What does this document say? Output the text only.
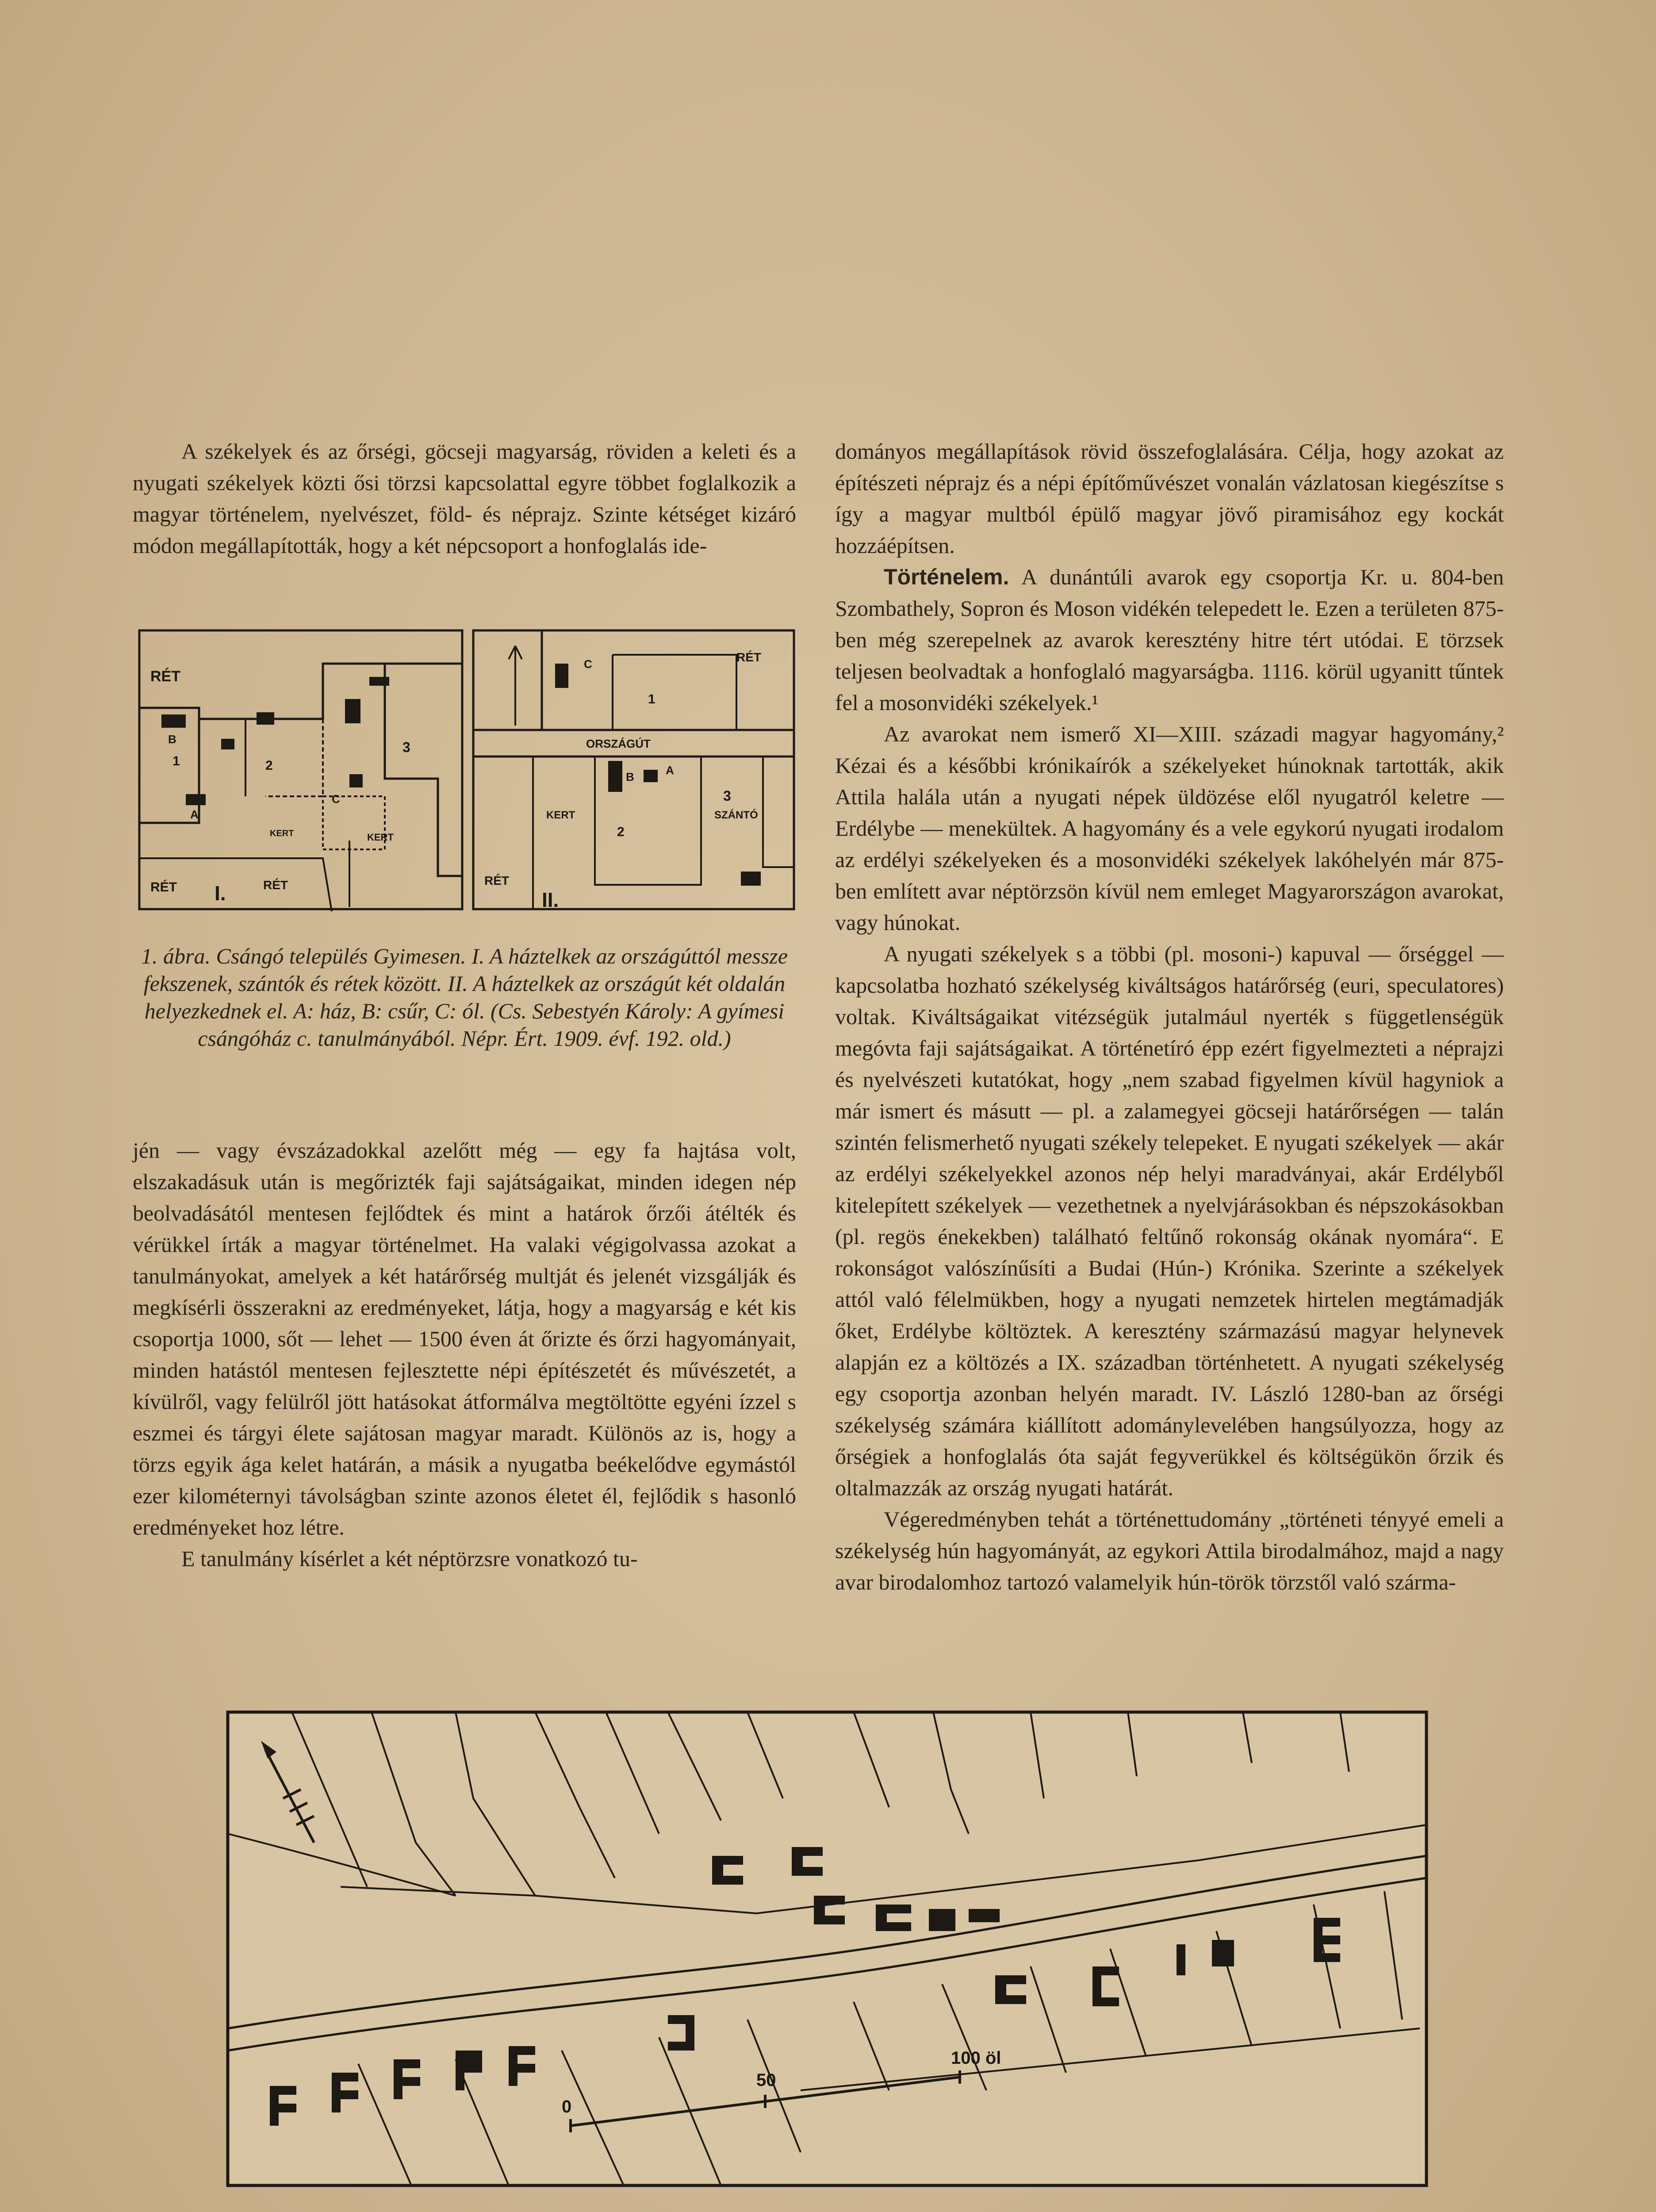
A székelyek és az őrségi, göcseji magyarság, röviden a keleti és a nyugati székelyek közti ősi törzsi kapcsolattal egyre többet foglalkozik a magyar történelem, nyelvészet, föld- és néprajz. Szinte kétséget kizáró módon megállapították, hogy a két népcsoport a honfoglalás ide-

RÉT
RÉT	RÉT
KERT	KERT
A
B
C
1	2
3
I.
RÉT
ORSZÁGÚT
KERT	SZÁNTÓ
RÉT
A
B
C
1
2
3
II.
1. ábra. Csángó település Gyimesen. I. A háztelkek az országúttól messze fekszenek, szántók és rétek között. II. A háztelkek az országút két oldalán helyezkednek el. A: ház, B: csűr, C: ól. (Cs. Sebestyén Károly: A gyímesi csángóház c. tanulmányából. Népr. Ért. 1909. évf. 192. old.)

jén — vagy évszázadokkal azelőtt még — egy fa hajtása volt, elszakadásuk után is megőrizték faji sajátságaikat, minden idegen nép beolvadásától mentesen fejlődtek és mint a határok őrzői átélték és vérükkel írták a magyar történelmet. Ha valaki végigolvassa azokat a tanulmányokat, amelyek a két határőrség multját és jelenét vizsgálják és megkísérli összerakni az eredményeket, látja, hogy a magyarság e két kis csoportja 1000, sőt — lehet — 1500 éven át őrizte és őrzi hagyományait, minden hatástól mentesen fejlesztette népi építészetét és művészetét, a kívülről, vagy felülről jött hatásokat átformálva megtöltötte egyéni ízzel s eszmei és tárgyi élete sajátosan magyar maradt. Különös az is, hogy a törzs egyik ága kelet határán, a másik a nyugatba beékelődve egymástól ezer kilométernyi távolságban szinte azonos életet él, fejlődik s hasonló eredményeket hoz létre.

E tanulmány kísérlet a két néptörzsre vonatkozó tu-

dományos megállapítások rövid összefoglalására. Célja, hogy azokat az építészeti néprajz és a népi építőművészet vonalán vázlatosan kiegészítse s így a magyar multból épülő magyar jövő piramisához egy kockát hozzáépítsen.

Történelem. A dunántúli avarok egy csoportja Kr. u. 804-ben Szombathely, Sopron és Moson vidékén telepedett le. Ezen a területen 875-ben még szerepelnek az avarok keresztény hitre tért utódai. E törzsek teljesen beolvadtak a honfoglaló magyarságba. 1116. körül ugyanitt tűntek fel a mosonvidéki székelyek.¹

Az avarokat nem ismerő XI—XIII. századi magyar hagyomány,² Kézai és a későbbi krónikaírók a székelyeket húnoknak tartották, akik Attila halála után a nyugati népek üldözése elől nyugatról keletre — Erdélybe — menekültek. A hagyomány és a vele egykorú nyugati irodalom az erdélyi székelyeken és a mosonvidéki székelyek lakóhelyén már 875-ben említett avar néptörzsön kívül nem emleget Magyarországon avarokat, vagy húnokat.

A nyugati székelyek s a többi (pl. mosoni-) kapuval — őrséggel — kapcsolatba hozható székelység kiváltságos határőrség (euri, speculatores) voltak. Kiváltságaikat vitézségük jutalmául nyerték s függetlenségük megóvta faji sajátságaikat. A történetíró épp ezért figyelmezteti a néprajzi és nyelvészeti kutatókat, hogy „nem szabad figyelmen kívül hagyniok a már ismert és másutt — pl. a zalamegyei göcseji határőrségen — talán szintén felismerhető nyugati székely telepeket. E nyugati székelyek — akár az erdélyi székelyekkel azonos nép helyi maradványai, akár Erdélyből kitelepített székelyek — vezethetnek a nyelvjárásokban és népszokásokban (pl. regös énekekben) található feltűnő rokonság okának nyomára“. E rokonságot valószínűsíti a Budai (Hún-) Krónika. Szerinte a székelyek attól való félelmükben, hogy a nyugati nemzetek hirtelen megtámadják őket, Erdélybe költöztek. A keresztény származású magyar helynevek alapján ez a költözés a IX. században történhetett. A nyugati székelység egy csoportja azonban helyén maradt. IV. László 1280-ban az őrségi székelység számára kiállított adománylevelében hangsúlyozza, hogy az őrségiek a honfoglalás óta saját fegyverükkel és költségükön őrzik és oltalmazzák az ország nyugati határát.

Végeredményben tehát a történettudomány „történeti tényyé emeli a székelység hún hagyományát, az egykori Attila birodalmához, majd a nagy avar birodalomhoz tartozó valamelyik hún-török törzstől való szárma-

0
50
100 öl
